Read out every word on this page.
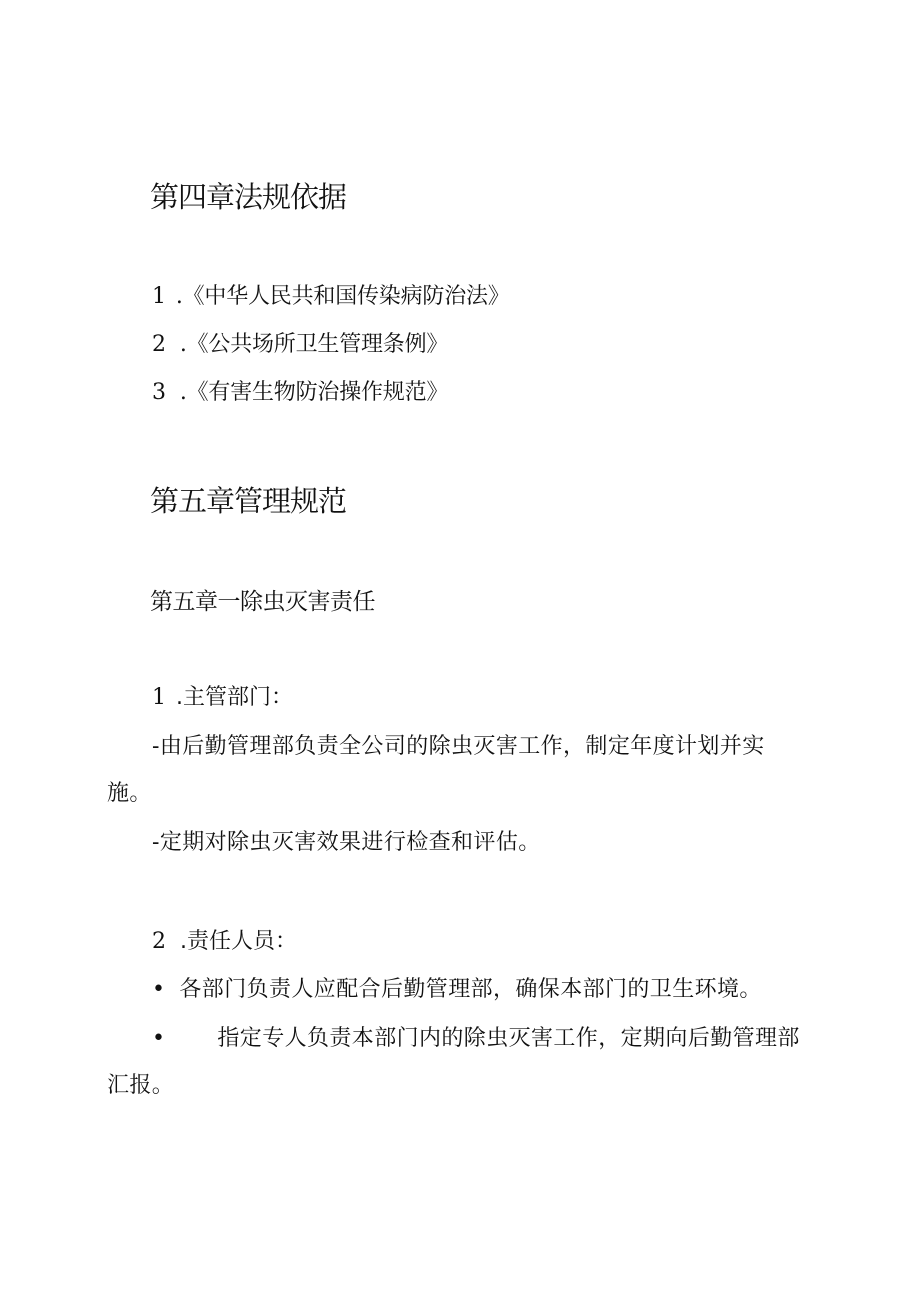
第四章法规依据
1 .《中华人民共和国传染病防治法》
2 .《公共场所卫生管理条例》
3 .《有害生物防治操作规范》
第五章管理规范
第五章一除虫灭害责任
1 .主管部门：
-由后勤管理部负责全公司的除虫灭害工作，制定年度计划并实
施。
-定期对除虫灭害效果进行检查和评估。
2 .责任人员：
• 各部门负责人应配合后勤管理部，确保本部门的卫生环境。
• 指定专人负责本部门内的除虫灭害工作，定期向后勤管理部
汇报。
